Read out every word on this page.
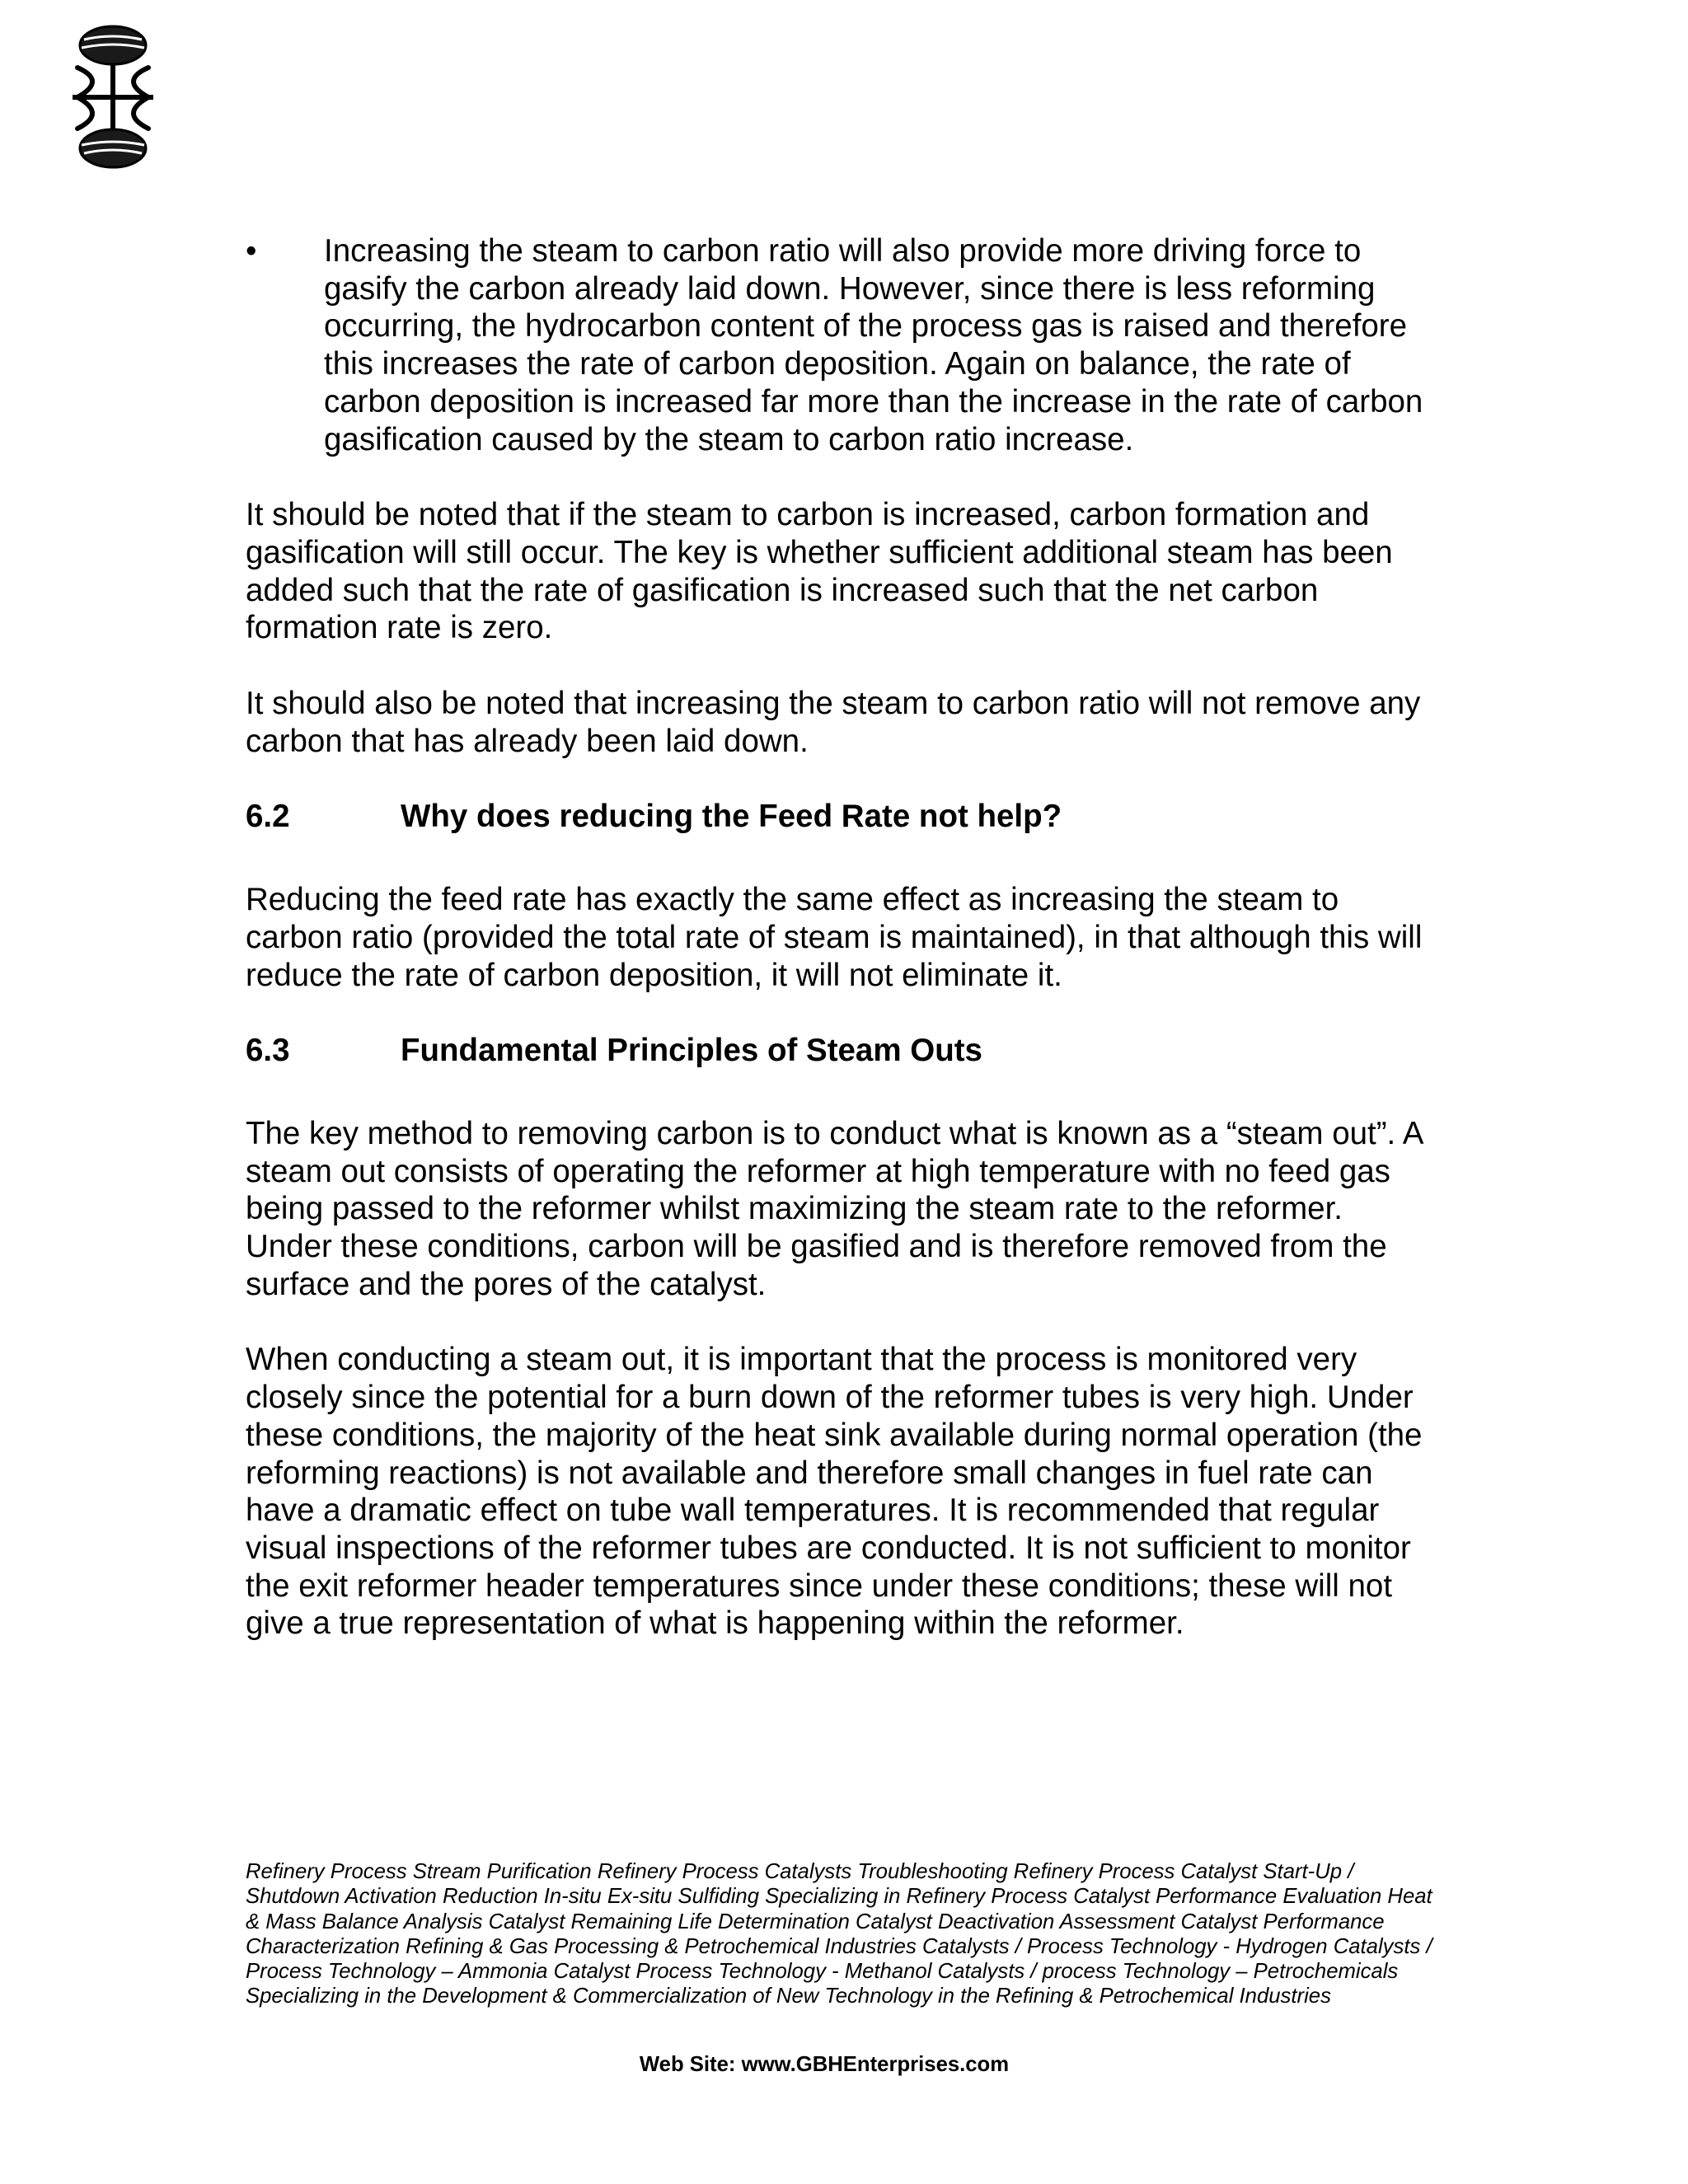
•	Increasing the steam to carbon ratio will also provide more driving force to gasify the carbon already laid down. However, since there is less reforming occurring, the hydrocarbon content of the process gas is raised and therefore this increases the rate of carbon deposition. Again on balance, the rate of carbon deposition is increased far more than the increase in the rate of carbon gasification caused by the steam to carbon ratio increase.

It should be noted that if the steam to carbon is increased, carbon formation and gasification will still occur. The key is whether sufficient additional steam has been added such that the rate of gasification is increased such that the net carbon formation rate is zero.

It should also be noted that increasing the steam to carbon ratio will not remove any carbon that has already been laid down.

6.2	Why does reducing the Feed Rate not help?

Reducing the feed rate has exactly the same effect as increasing the steam to carbon ratio (provided the total rate of steam is maintained), in that although this will reduce the rate of carbon deposition, it will not eliminate it.

6.3	Fundamental Principles of Steam Outs

The key method to removing carbon is to conduct what is known as a “steam out”. A steam out consists of operating the reformer at high temperature with no feed gas being passed to the reformer whilst maximizing the steam rate to the reformer. Under these conditions, carbon will be gasified and is therefore removed from the surface and the pores of the catalyst.

When conducting a steam out, it is important that the process is monitored very closely since the potential for a burn down of the reformer tubes is very high. Under these conditions, the majority of the heat sink available during normal operation (the reforming reactions) is not available and therefore small changes in fuel rate can have a dramatic effect on tube wall temperatures. It is recommended that regular visual inspections of the reformer tubes are conducted. It is not sufficient to monitor the exit reformer header temperatures since under these conditions; these will not give a true representation of what is happening within the reformer.

Refinery Process Stream Purification Refinery Process Catalysts Troubleshooting Refinery Process Catalyst Start-Up / Shutdown Activation Reduction In-situ Ex-situ Sulfiding Specializing in Refinery Process Catalyst Performance Evaluation Heat & Mass Balance Analysis Catalyst Remaining Life Determination Catalyst Deactivation Assessment Catalyst Performance Characterization Refining & Gas Processing & Petrochemical Industries Catalysts / Process Technology - Hydrogen Catalysts / Process Technology – Ammonia Catalyst Process Technology - Methanol Catalysts / process Technology – Petrochemicals Specializing in the Development & Commercialization of New Technology in the Refining & Petrochemical Industries
Web Site: www.GBHEnterprises.com
